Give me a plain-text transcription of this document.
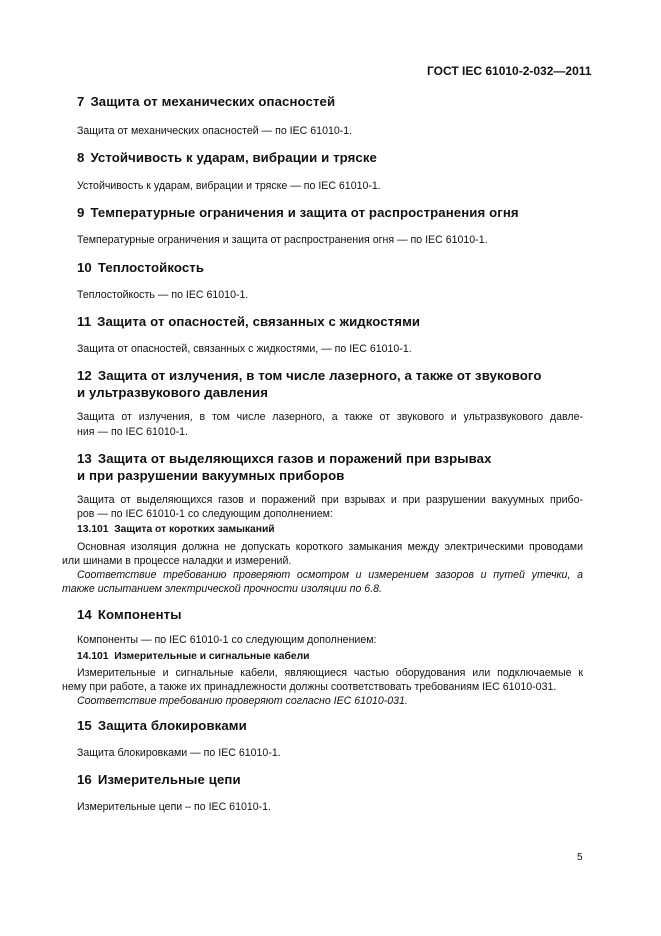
ГОСТ IEC 61010-2-032—2011
7 Защита от механических опасностей
Защита от механических опасностей — по IEC 61010-1.
8 Устойчивость к ударам, вибрации и тряске
Устойчивость к ударам, вибрации и тряске — по IEC 61010-1.
9 Температурные ограничения и защита от распространения огня
Температурные ограничения и защита от распространения огня — по IEC 61010-1.
10 Теплостойкость
Теплостойкость — по IEC 61010-1.
11 Защита от опасностей, связанных с жидкостями
Защита от опасностей, связанных с жидкостями, — по IEC 61010-1.
12 Защита от излучения, в том числе лазерного, а также от звукового
и ультразвукового давления
Защита от излучения, в том числе лазерного, а также от звукового и ультразвукового давле-
ния — по IEC 61010-1.
13 Защита от выделяющихся газов и поражений при взрывах
и при разрушении вакуумных приборов
Защита от выделяющихся газов и поражений при взрывах и при разрушении вакуумных прибо-
ров — по IEC 61010-1 со следующим дополнением:
13.101 Защита от коротких замыканий
Основная изоляция должна не допускать короткого замыкания между электрическими проводами
или шинами в процессе наладки и измерений.
Соответствие требованию проверяют осмотром и измерением зазоров и путей утечки, а
также испытанием электрической прочности изоляции по 6.8.
14 Компоненты
Компоненты — по IEC 61010-1 со следующим дополнением:
14.101 Измерительные и сигнальные кабели
Измерительные и сигнальные кабели, являющиеся частью оборудования или подключаемые к
нему при работе, а также их принадлежности должны соответствовать требованиям IEC 61010-031.
Соответствие требованию проверяют согласно IEC 61010-031.
15 Защита блокировками
Защита блокировками — по IEC 61010-1.
16 Измерительные цепи
Измерительные цепи – по IEC 61010-1.
5
